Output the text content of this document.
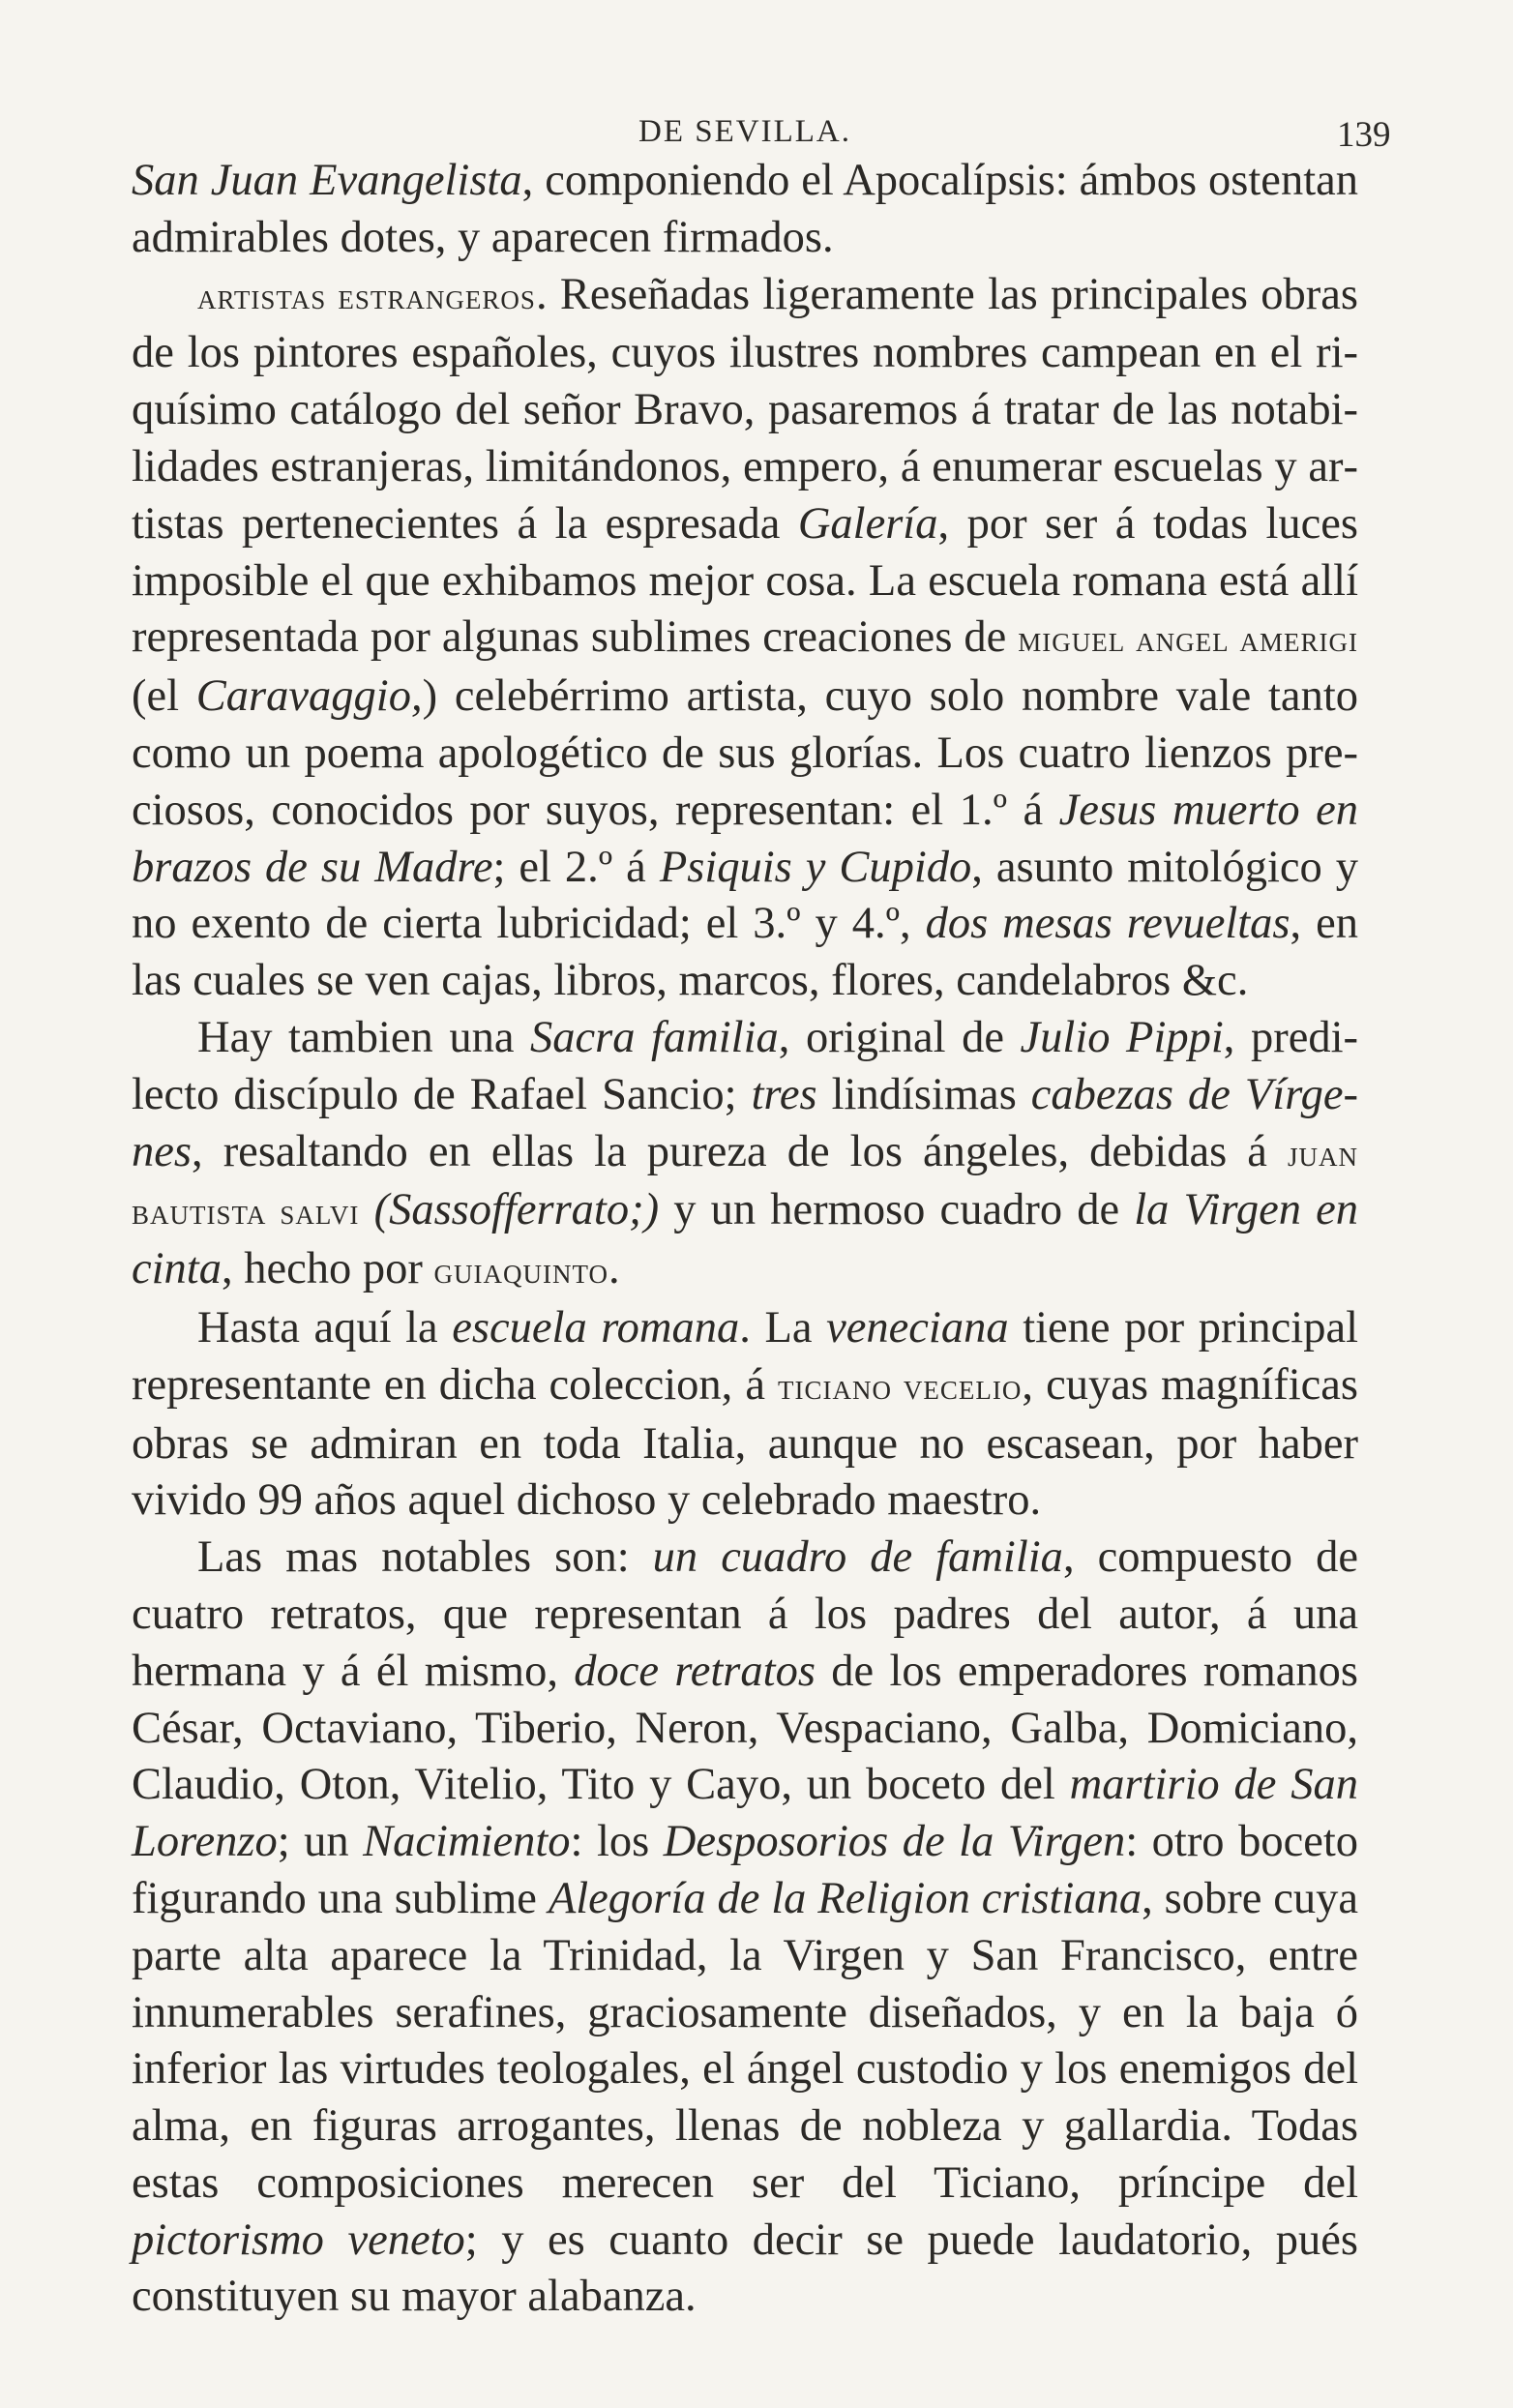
DE SEVILLA.	139

San Juan Evangelista, componiendo el Apocalípsis: ámbos ostentan admirables dotes, y aparecen firmados.

artistas estrangeros. Reseñadas ligeramente las principales obras de los pintores españoles, cuyos ilustres nombres campean en el riquísimo catálogo del señor Bravo, pasaremos á tratar de las notabilidades estranjeras, limitándonos, empero, á enumerar escuelas y artistas pertenecientes á la espresada Galería, por ser á todas luces imposible el que exhibamos mejor cosa. La escuela romana está allí representada por algunas sublimes creaciones de miguel angel amerigi (el Caravaggio,) celebérrimo artista, cuyo solo nombre vale tanto como un poema apologético de sus glorías. Los cuatro lienzos preciosos, conocidos por suyos, representan: el 1.º á Jesus muerto en brazos de su Madre; el 2.º á Psiquis y Cupido, asunto mitológico y no exento de cierta lubricidad; el 3.º y 4.º, dos mesas revueltas, en las cuales se ven cajas, libros, marcos, flores, candelabros &c.

Hay tambien una Sacra familia, original de Julio Pippi, predilecto discípulo de Rafael Sancio; tres lindísimas cabezas de Vírgenes, resaltando en ellas la pureza de los ángeles, debidas á juan bautista salvi (Sassofferrato;) y un hermoso cuadro de la Virgen en cinta, hecho por guiaquinto.

Hasta aquí la escuela romana. La veneciana tiene por principal representante en dicha coleccion, á ticiano vecelio, cuyas magníficas obras se admiran en toda Italia, aunque no escasean, por haber vivido 99 años aquel dichoso y celebrado maestro.

Las mas notables son: un cuadro de familia, compuesto de cuatro retratos, que representan á los padres del autor, á una hermana y á él mismo, doce retratos de los emperadores romanos César, Octaviano, Tiberio, Neron, Vespaciano, Galba, Domiciano, Claudio, Oton, Vitelio, Tito y Cayo, un boceto del martirio de San Lorenzo; un Nacimiento: los Desposorios de la Virgen: otro boceto figurando una sublime Alegoría de la Religion cristiana, sobre cuya parte alta aparece la Trinidad, la Virgen y San Francisco, entre innumerables serafines, graciosamente diseñados, y en la baja ó inferior las virtudes teologales, el ángel custodio y los enemigos del alma, en figuras arrogantes, llenas de nobleza y gallardia. Todas estas composiciones merecen ser del Ticiano, príncipe del pictorismo veneto; y es cuanto decir se puede laudatorio, pués constituyen su mayor alabanza.
